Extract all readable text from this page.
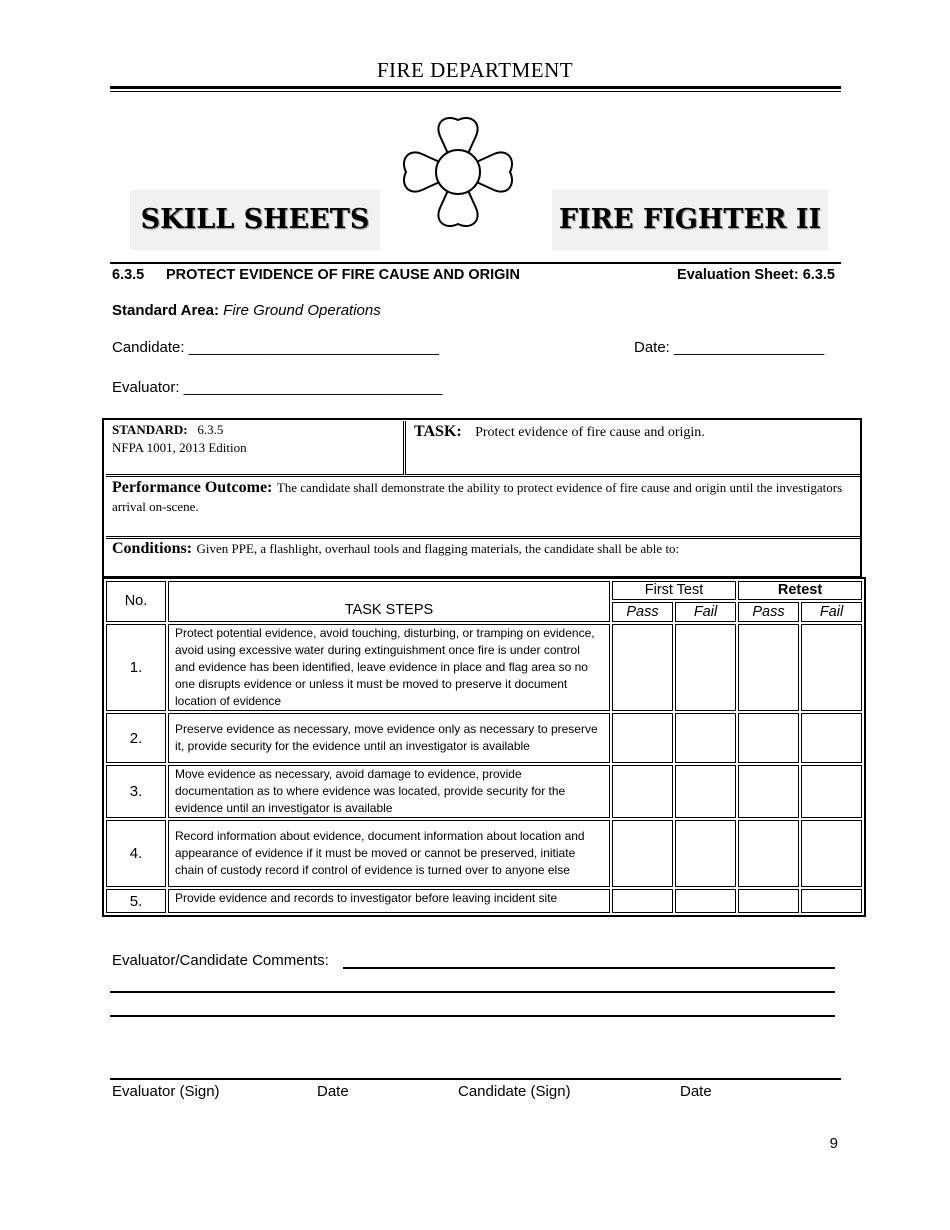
FIRE DEPARTMENT
SKILL SHEETS	FIRE FIGHTER II
6.3.5 PROTECT EVIDENCE OF FIRE CAUSE AND ORIGIN	Evaluation Sheet: 6.3.5
Standard Area: Fire Ground Operations
Candidate: ______________________________	Date: __________________
Evaluator: _______________________________
STANDARD: 6.3.5
NFPA 1001, 2013 Edition
TASK: Protect evidence of fire cause and origin.
Performance Outcome: The candidate shall demonstrate the ability to protect evidence of fire cause and origin until the investigators arrival on-scene.
Conditions: Given PPE, a flashlight, overhaul tools and flagging materials, the candidate shall be able to:
No.	TASK STEPS	First Test		Retest	
		Pass	Fail	Pass	Fail
1.	Protect potential evidence, avoid touching, disturbing, or tramping on evidence, avoid using excessive water during extinguishment once fire is under control and evidence has been identified, leave evidence in place and flag area so no one disrupts evidence or unless it must be moved to preserve it document location of evidence				
2.	Preserve evidence as necessary, move evidence only as necessary to preserve it, provide security for the evidence until an investigator is available				
3.	Move evidence as necessary, avoid damage to evidence, provide documentation as to where evidence was located, provide security for the evidence until an investigator is available				
4.	Record information about evidence, document information about location and appearance of evidence if it must be moved or cannot be preserved, initiate chain of custody record if control of evidence is turned over to anyone else				
5.	Provide evidence and records to investigator before leaving incident site				
Evaluator/Candidate Comments:
Evaluator (Sign)	Date	Candidate (Sign)	Date
9
